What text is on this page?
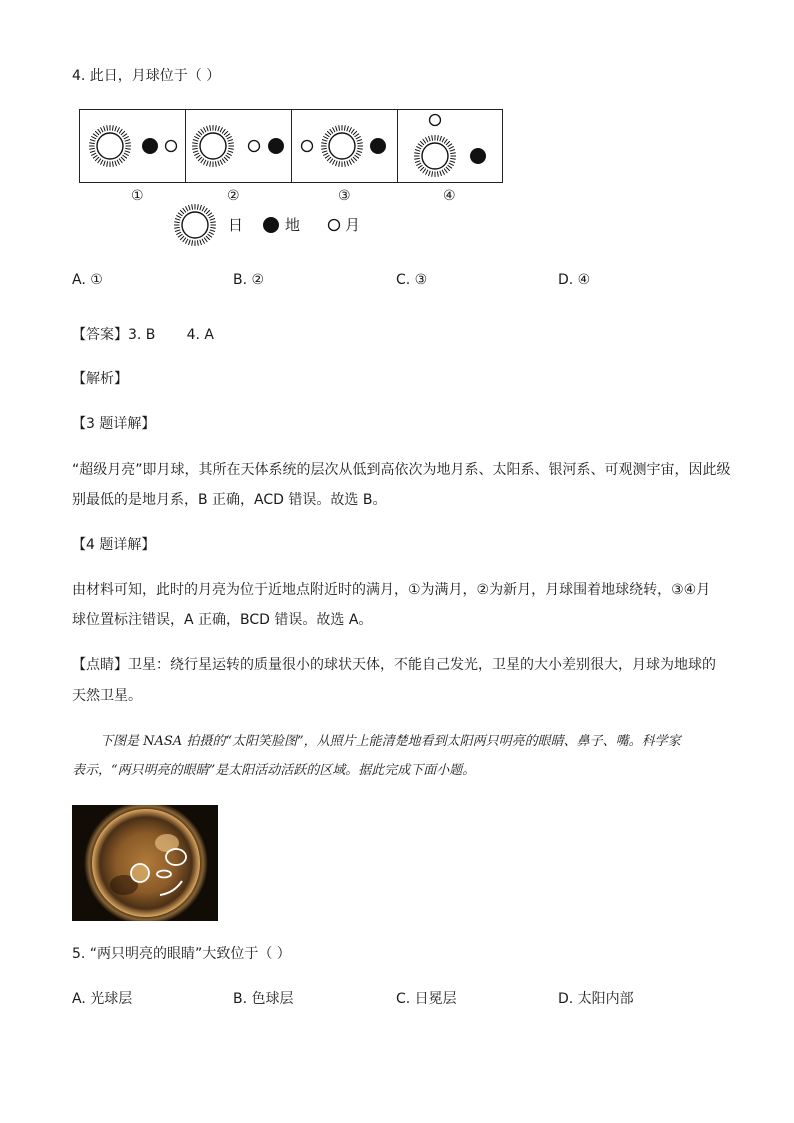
4. 此日，月球位于（ ）
①	②	③	④
日	地	月
A. ①	B. ②	C. ③	D. ④
【答案】3. B       4. A
【解析】
【3 题详解】
“超级月亮”即月球，其所在天体系统的层次从低到高依次为地月系、太阳系、银河系、可观测宇宙，因此级
别最低的是地月系，B 正确，ACD 错误。故选 B。
【4 题详解】
由材料可知，此时的月亮为位于近地点附近时的满月，①为满月，②为新月，月球围着地球绕转，③④月
球位置标注错误，A 正确，BCD 错误。故选 A。
【点睛】卫星：绕行星运转的质量很小的球状天体，不能自己发光，卫星的大小差别很大，月球为地球的
天然卫星。
下图是 NASA 拍摄的“太阳笑脸图”，从照片上能清楚地看到太阳两只明亮的眼睛、鼻子、嘴。科学家
表示，“两只明亮的眼睛”是太阳活动活跃的区域。据此完成下面小题。
5. “两只明亮的眼睛”大致位于（ ）
A. 光球层	B. 色球层	C. 日冕层	D. 太阳内部
